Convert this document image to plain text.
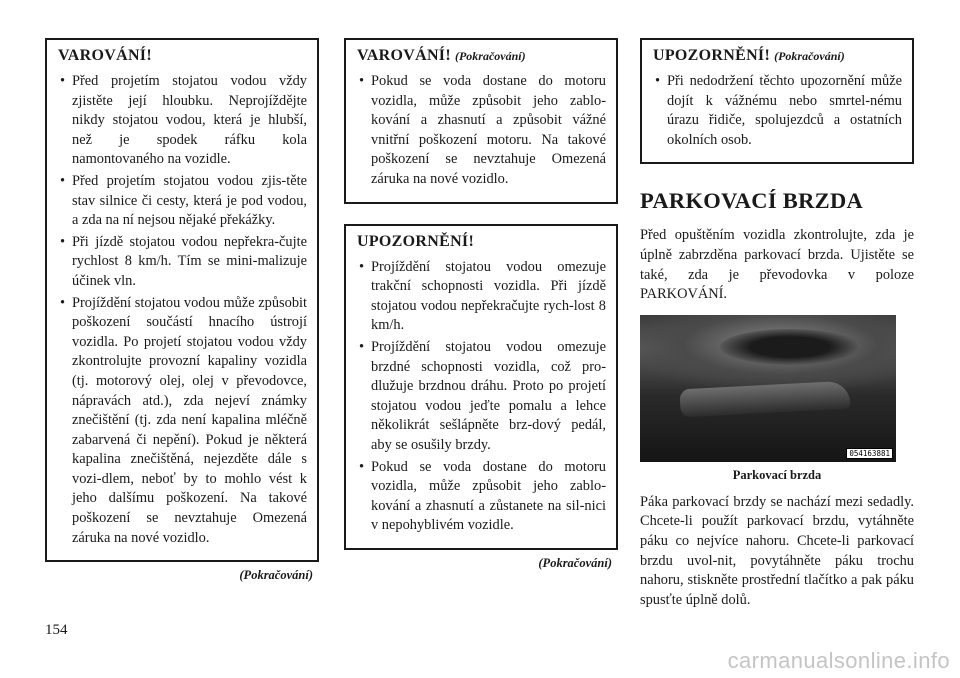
VAROVÁNÍ!
• Před projetím stojatou vodou vždy zjistěte její hloubku. Neprojíždějte nikdy stojatou vodou, která je hlubší, než je spodek ráfku kola namontovaného na vozidle.
• Před projetím stojatou vodou zjis-těte stav silnice či cesty, která je pod vodou, a zda na ní nejsou nějaké překážky.
• Při jízdě stojatou vodou nepřekra-čujte rychlost 8 km/h. Tím se mini-malizuje účinek vln.
• Projíždění stojatou vodou může způsobit poškození součástí hnacího ústrojí vozidla. Po projetí stojatou vodou vždy zkontrolujte provozní kapaliny vozidla (tj. motorový olej, olej v převodovce, nápravách atd.), zda nejeví známky znečištění (tj. zda není kapalina mléčně zabarvená či nepění). Pokud je některá kapalina znečištěná, nejezděte dále s vozi-dlem, neboť by to mohlo vést k jeho dalšímu poškození. Na takové poškození se nevztahuje Omezená záruka na nové vozidlo.
(Pokračování)
VAROVÁNÍ! (Pokračování)
• Pokud se voda dostane do motoru vozidla, může způsobit jeho zablo-kování a zhasnutí a způsobit vážné vnitřní poškození motoru. Na takové poškození se nevztahuje Omezená záruka na nové vozidlo.
UPOZORNĚNÍ!
• Projíždění stojatou vodou omezuje trakční schopnosti vozidla. Při jízdě stojatou vodou nepřekračujte rych-lost 8 km/h.
• Projíždění stojatou vodou omezuje brzdné schopnosti vozidla, což pro-dlužuje brzdnou dráhu. Proto po projetí stojatou vodou jeďte pomalu a lehce několikrát sešlápněte brz-dový pedál, aby se osušily brzdy.
• Pokud se voda dostane do motoru vozidla, může způsobit jeho zablo-kování a zhasnutí a zůstanete na sil-nici v nepohyblivém vozidle.
(Pokračování)
UPOZORNĚNÍ! (Pokračování)
• Při nedodržení těchto upozornění může dojít k vážnému nebo smrtel-nému úrazu řidiče, spolujezdců a ostatních okolních osob.
PARKOVACÍ BRZDA

Před opuštěním vozidla zkontrolujte, zda je úplně zabrzděna parkovací brzda. Ujistěte se také, zda je převodovka v poloze PARKOVÁNÍ.

054163881
Parkovací brzda

Páka parkovací brzdy se nachází mezi sedadly. Chcete-li použít parkovací brzdu, vytáhněte páku co nejvíce nahoru. Chcete-li parkovací brzdu uvol-nit, povytáhněte páku trochu nahoru, stiskněte prostřední tlačítko a pak páku spusťte úplně dolů.

154
carmanualsonline.info
